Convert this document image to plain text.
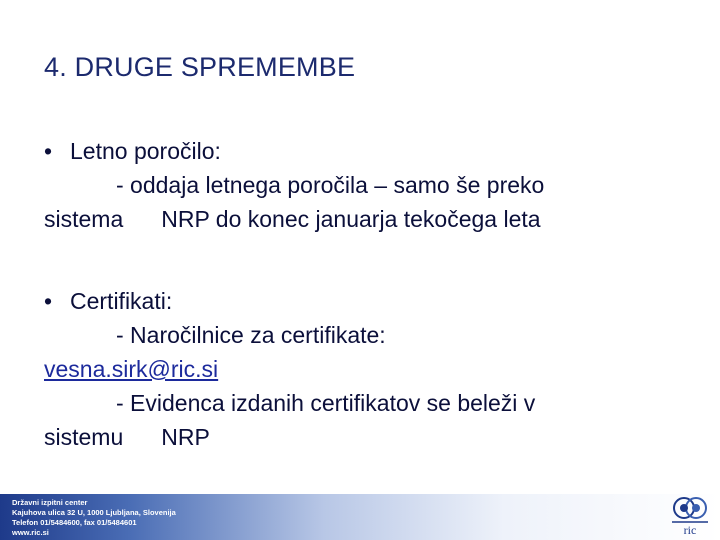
4. DRUGE SPREMEMBE
• Letno poročilo:
- oddaja letnega poročila – samo še preko
sistema NRP do konec januarja tekočega leta
• Certifikati:
- Naročilnice za certifikate:
vesna.sirk@ric.si
- Evidenca izdanih certifikatov se beleži v
sistemu NRP
Državni izpitni center
Kajuhova ulica 32 U, 1000 Ljubljana, Slovenija
Telefon 01/5484600, fax 01/5484601
www.ric.si	ric
